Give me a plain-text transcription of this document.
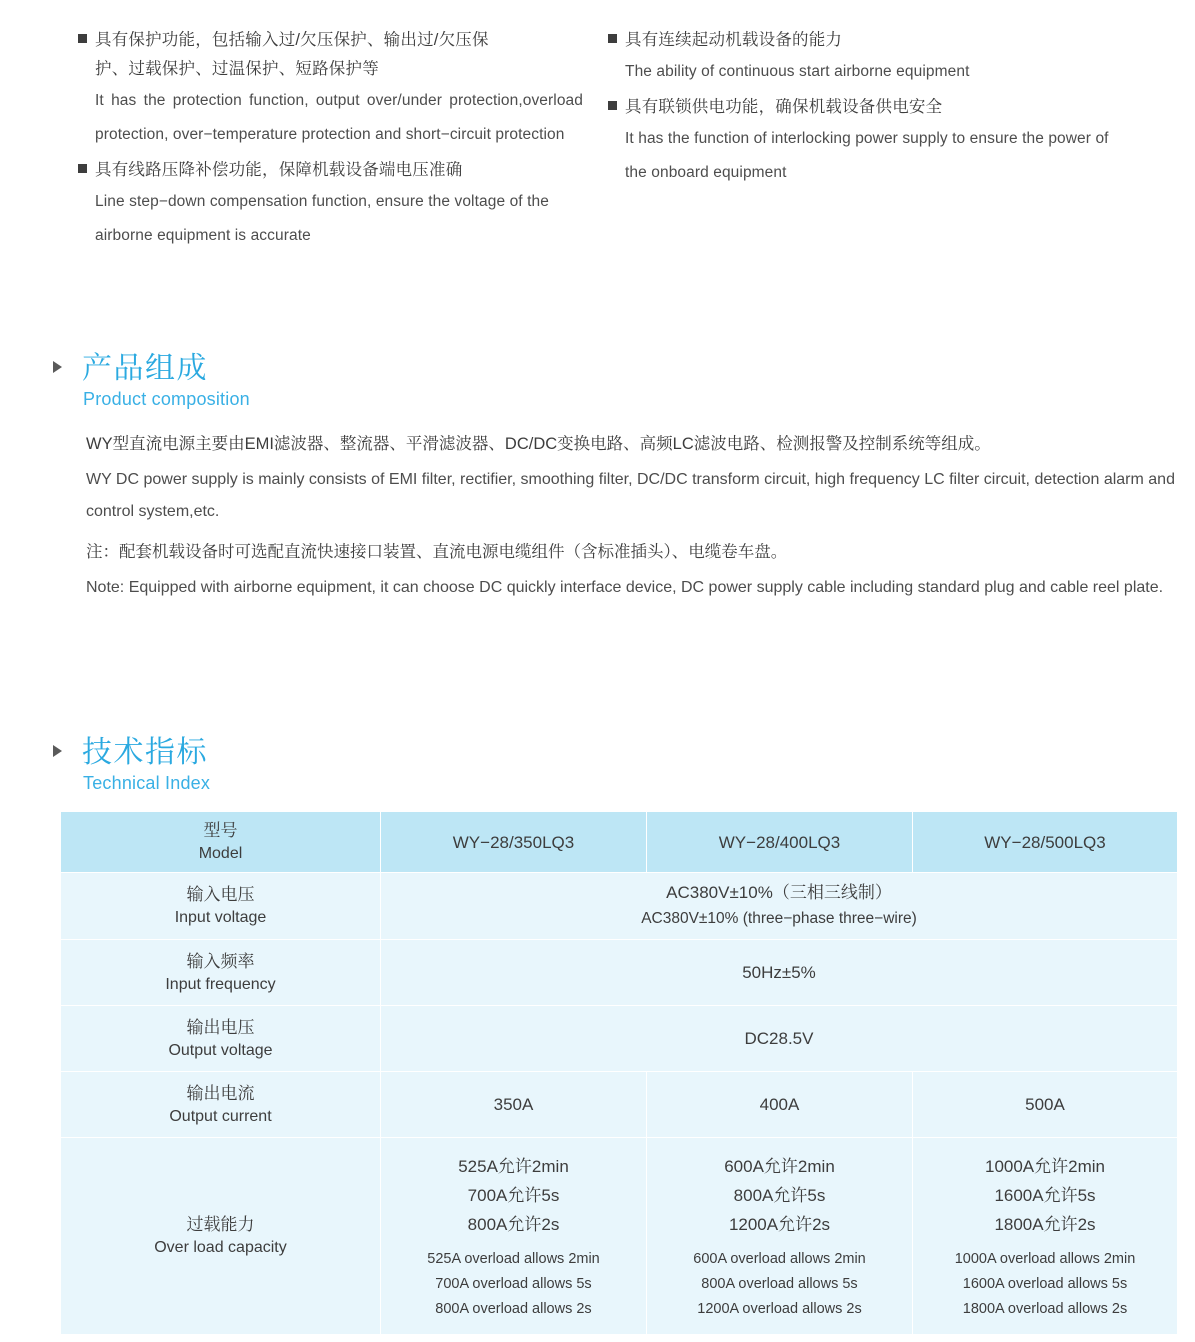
具有保护功能，包括输入过/欠压保护、输出过/欠压保
护、过载保护、过温保护、短路保护等
It has the protection function, output over/under protection,overload protection, over−temperature protection and short−circuit protection
具有线路压降补偿功能，保障机载设备端电压准确
Line step−down compensation function, ensure the voltage of the airborne equipment is accurate
具有连续起动机载设备的能力
The ability of continuous start airborne equipment
具有联锁供电功能，确保机载设备供电安全
It has the function of interlocking power supply to ensure the power of the onboard equipment
产品组成
Product composition

WY型直流电源主要由EMI滤波器、整流器、平滑滤波器、DC/DC变换电路、高频LC滤波电路、检测报警及控制系统等组成。

WY DC power supply is mainly consists of EMI filter, rectifier, smoothing filter, DC/DC transform circuit, high frequency LC filter circuit, detection alarm and control system,etc.

注：配套机载设备时可选配直流快速接口装置、直流电源电缆组件（含标准插头）、电缆卷车盘。

Note: Equipped with airborne equipment, it can choose DC quickly interface device, DC power supply cable including standard plug and cable reel plate.

技术指标
Technical Index
型号
Model	WY−28/350LQ3	WY−28/400LQ3	WY−28/500LQ3

输入电压
Input voltage

AC380V±10%（三相三线制）
AC380V±10% (three−phase three−wire)

输入频率
Input frequency	50Hz±5%		

输出电压
Output voltage	DC28.5V		

输出电流
Output current	350A	400A	500A

过载能力
Over load capacity

525A允许2min
700A允许5s
800A允许2s
525A overload allows 2min
700A overload allows 5s
800A overload allows 2s

600A允许2min
800A允许5s
1200A允许2s
600A overload allows 2min
800A overload allows 5s
1200A overload allows 2s

1000A允许2min
1600A允许5s
1800A允许2s
1000A overload allows 2min
1600A overload allows 5s
1800A overload allows 2s
